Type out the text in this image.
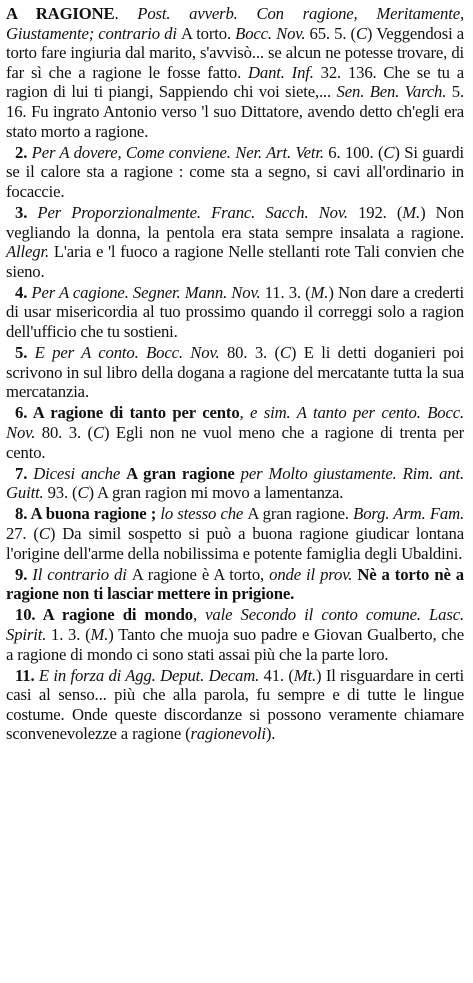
A RAGIONE. Post. avverb. Con ragione, Meritamente, Giustamente; contrario di A torto. Bocc. Nov. 65. 5. (C) Veggendosi a torto fare ingiuria dal marito, s'avvisò... se alcun ne potesse trovare, di far sì che a ragione le fosse fatto. Dant. Inf. 32. 136. Che se tu a ragion di lui ti piangi, Sappiendo chi voi siete,... Sen. Ben. Varch. 5. 16. Fu ingrato Antonio verso 'l suo Dittatore, avendo detto ch'egli era stato morto a ragione.

2. Per A dovere, Come conviene. Ner. Art. Vetr. 6. 100. (C) Si guardi se il calore sta a ragione : come sta a segno, si cavi all'ordinario in focaccie.

3. Per Proporzionalmente. Franc. Sacch. Nov. 192. (M.) Non vegliando la donna, la pentola era stata sempre insalata a ragione. Allegr. L'aria e 'l fuoco a ragione Nelle stellanti rote Tali convien che sieno.

4. Per A cagione. Segner. Mann. Nov. 11. 3. (M.) Non dare a crederti di usar misericordia al tuo prossimo quando il correggi solo a ragion dell'ufficio che tu sostieni.

5. E per A conto. Bocc. Nov. 80. 3. (C) E li detti doganieri poi scrivono in sul libro della dogana a ragione del mercatante tutta la sua mercatanzia.

6. A ragione di tanto per cento, e sim. A tanto per cento. Bocc. Nov. 80. 3. (C) Egli non ne vuol meno che a ragione di trenta per cento.

7. Dicesi anche A gran ragione per Molto giustamente. Rim. ant. Guitt. 93. (C) A gran ragion mi movo a lamentanza.

8. A buona ragione ; lo stesso che A gran ragione. Borg. Arm. Fam. 27. (C) Da simil sospetto si può a buona ragione giudicar lontana l'origine dell'arme della nobilissima e potente famiglia degli Ubaldini.

9. Il contrario di A ragione è A torto, onde il prov. Nè a torto nè a ragione non ti lasciar mettere in prigione.

10. A ragione di mondo, vale Secondo il conto comune. Lasc. Spirit. 1. 3. (M.) Tanto che muoja suo padre e Giovan Gualberto, che a ragione di mondo ci sono stati assai più che la parte loro.

11. E in forza di Agg. Deput. Decam. 41. (Mt.) Il risguardare in certi casi al senso... più che alla parola, fu sempre e di tutte le lingue costume. Onde queste discordanze si possono veramente chiamare sconvenevolezze a ragione (ragionevoli).
